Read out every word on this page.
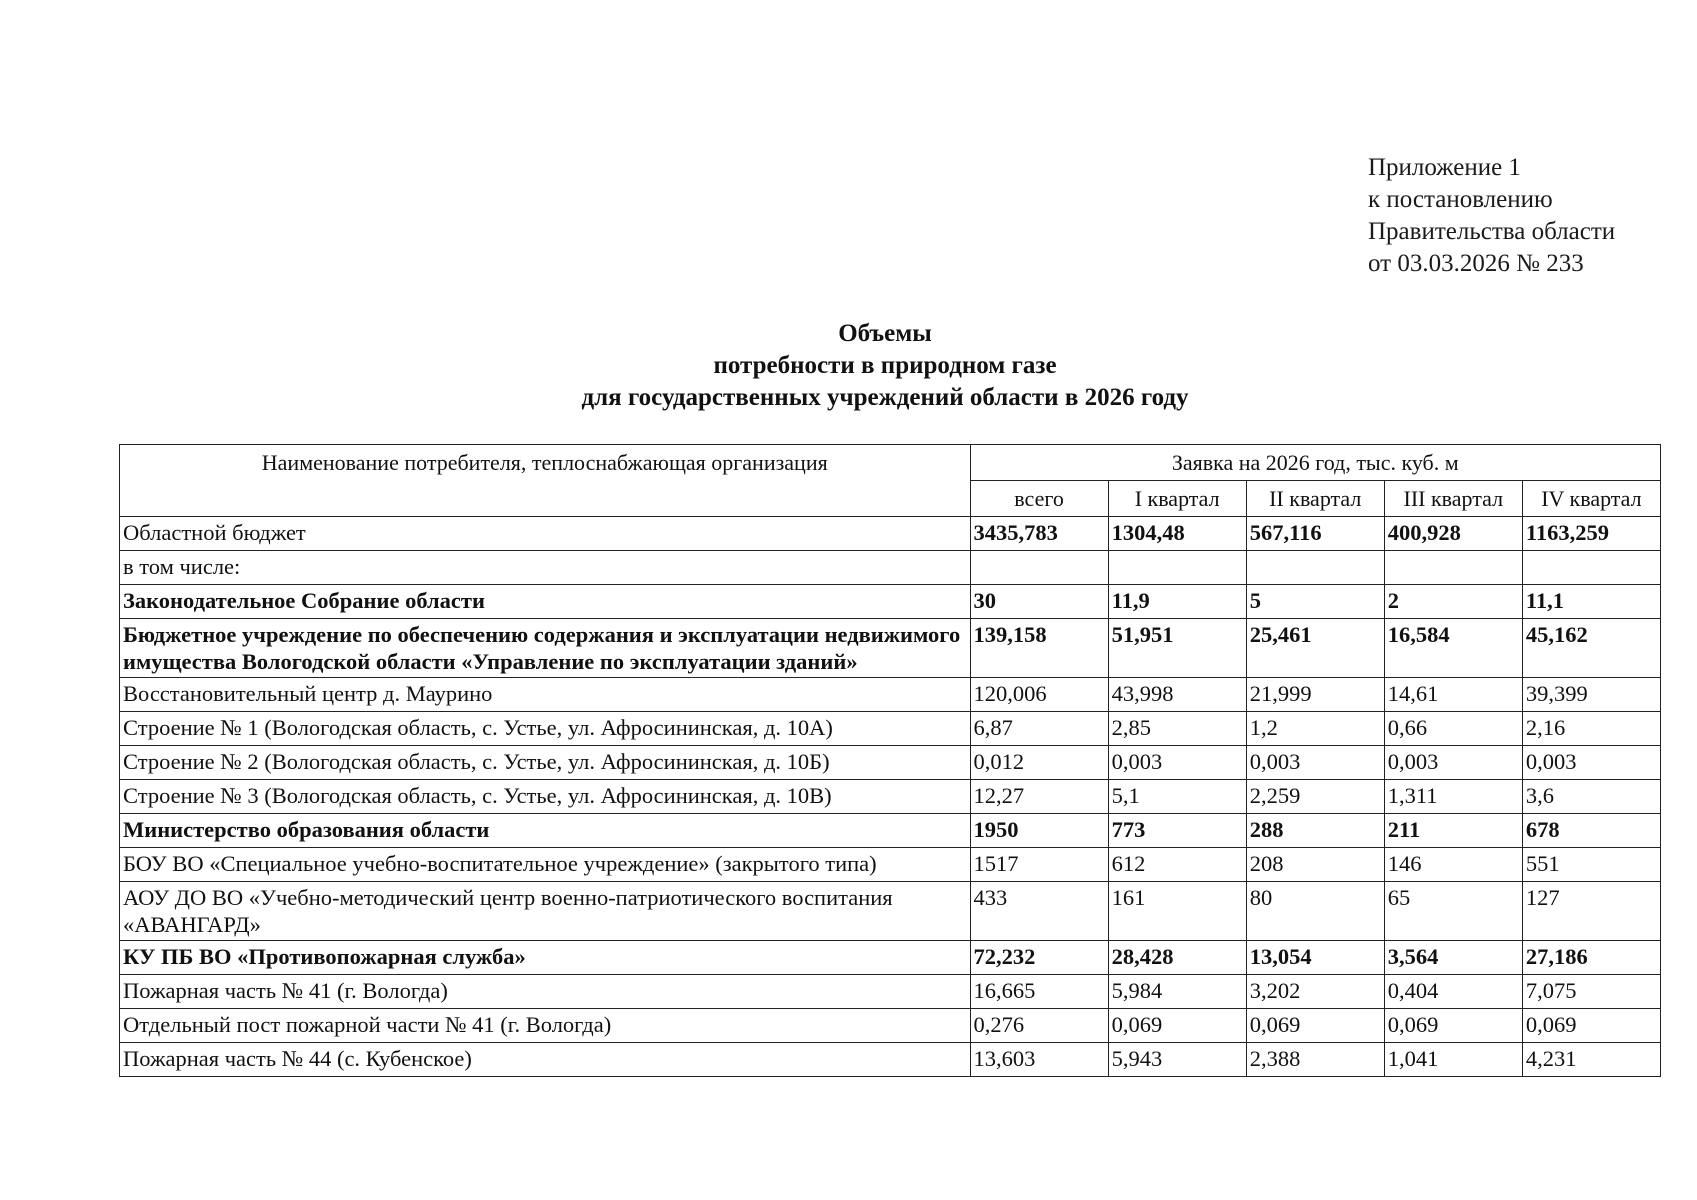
Приложение 1
к постановлению
Правительства области
от 03.03.2026 № 233
Объемы
потребности в природном газе
для государственных учреждений области в 2026 году
Наименование потребителя, теплоснабжающая организация	Заявка на 2026 год, тыс. куб. м				
	всего	I квартал	II квартал	III квартал	IV квартал
Областной бюджет	3435,783	1304,48	567,116	400,928	1163,259
в том числе:					
Законодательное Собрание области	30	11,9	5	2	11,1
Бюджетное учреждение по обеспечению содержания и эксплуатации недвижимого имущества Вологодской области «Управление по эксплуатации зданий»	139,158	51,951	25,461	16,584	45,162
Восстановительный центр д. Маурино	120,006	43,998	21,999	14,61	39,399
Строение № 1 (Вологодская область, с. Устье, ул. Афросининская, д. 10А)	6,87	2,85	1,2	0,66	2,16
Строение № 2 (Вологодская область, с. Устье, ул. Афросининская, д. 10Б)	0,012	0,003	0,003	0,003	0,003
Строение № 3 (Вологодская область, с. Устье, ул. Афросининская, д. 10В)	12,27	5,1	2,259	1,311	3,6
Министерство образования области	1950	773	288	211	678
БОУ ВО «Специальное учебно-воспитательное учреждение» (закрытого типа)	1517	612	208	146	551
АОУ ДО ВО «Учебно-методический центр военно-патриотического воспитания «АВАНГАРД»	433	161	80	65	127
КУ ПБ ВО «Противопожарная служба»	72,232	28,428	13,054	3,564	27,186
Пожарная часть № 41 (г. Вологда)	16,665	5,984	3,202	0,404	7,075
Отдельный пост пожарной части № 41 (г. Вологда)	0,276	0,069	0,069	0,069	0,069
Пожарная часть № 44 (с. Кубенское)	13,603	5,943	2,388	1,041	4,231
